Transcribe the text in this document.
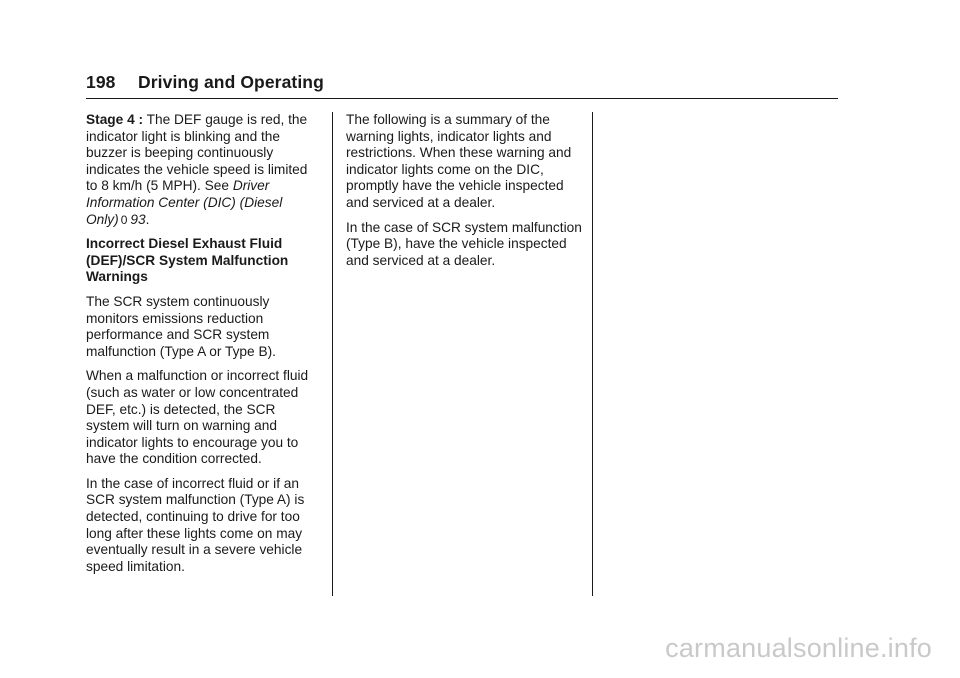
198	Driving and Operating

Stage 4 : The DEF gauge is red, the indicator light is blinking and the buzzer is beeping continuously indicates the vehicle speed is limited to 8 km/h (5 MPH). See Driver Information Center (DIC) (Diesel Only) 0 93.

Incorrect Diesel Exhaust Fluid (DEF)/SCR System Malfunction Warnings

The SCR system continuously monitors emissions reduction performance and SCR system malfunction (Type A or Type B).

When a malfunction or incorrect fluid (such as water or low concentrated DEF, etc.) is detected, the SCR system will turn on warning and indicator lights to encourage you to have the condition corrected.

In the case of incorrect fluid or if an SCR system malfunction (Type A) is detected, continuing to drive for too long after these lights come on may eventually result in a severe vehicle speed limitation.

The following is a summary of the warning lights, indicator lights and restrictions. When these warning and indicator lights come on the DIC, promptly have the vehicle inspected and serviced at a dealer.

In the case of SCR system malfunction (Type B), have the vehicle inspected and serviced at a dealer.

carmanualsonline.info
